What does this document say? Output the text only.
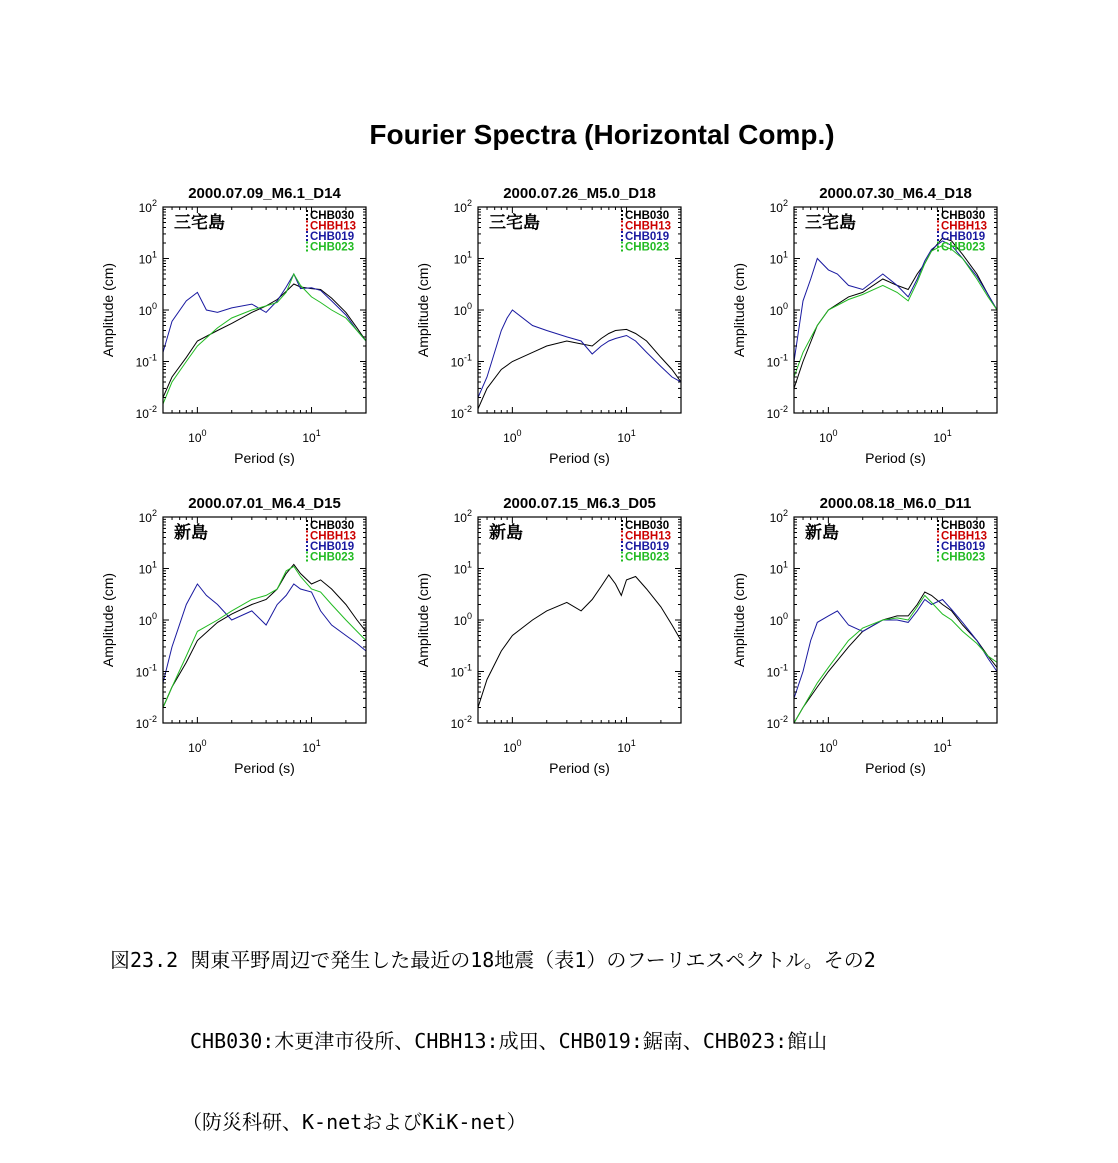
Fourier Spectra (Horizontal Comp.)
2000.07.09_M6.1_D14
$10^{-2}$
$10^{-1}$
$10^0$
$10^1$
$10^2$
$10^0$	$10^1$
Period (s)
Amplitude (cm)
三宅島	CHB030
CHBH13
CHB019
CHB023
2000.07.26_M5.0_D18
$10^{-2}$
$10^{-1}$
$10^0$
$10^1$
$10^2$
$10^0$	$10^1$
Period (s)
Amplitude (cm)
三宅島	CHB030
CHBH13
CHB019
CHB023
2000.07.30_M6.4_D18
$10^{-2}$
$10^{-1}$
$10^0$
$10^1$
$10^2$
$10^0$	$10^1$
Period (s)
Amplitude (cm)
三宅島	CHB030
CHBH13
CHB019
CHB023
2000.07.01_M6.4_D15
$10^{-2}$
$10^{-1}$
$10^0$
$10^1$
$10^2$
$10^0$	$10^1$
Period (s)
Amplitude (cm)
新島	CHB030
CHBH13
CHB019
CHB023
2000.07.15_M6.3_D05
$10^{-2}$
$10^{-1}$
$10^0$
$10^1$
$10^2$
$10^0$	$10^1$
Period (s)
Amplitude (cm)
新島	CHB030
CHBH13
CHB019
CHB023
2000.08.18_M6.0_D11
$10^{-2}$
$10^{-1}$
$10^0$
$10^1$
$10^2$
$10^0$	$10^1$
Period (s)
Amplitude (cm)
新島	CHB030
CHBH13
CHB019
CHB023

図23.2 関東平野周辺で発生した最近の18地震（表1）のフーリエスペクトル。その2

CHB030:木更津市役所、CHBH13:成田、CHB019:鋸南、CHB023:館山

（防災科研、K-netおよびKiK-net）
